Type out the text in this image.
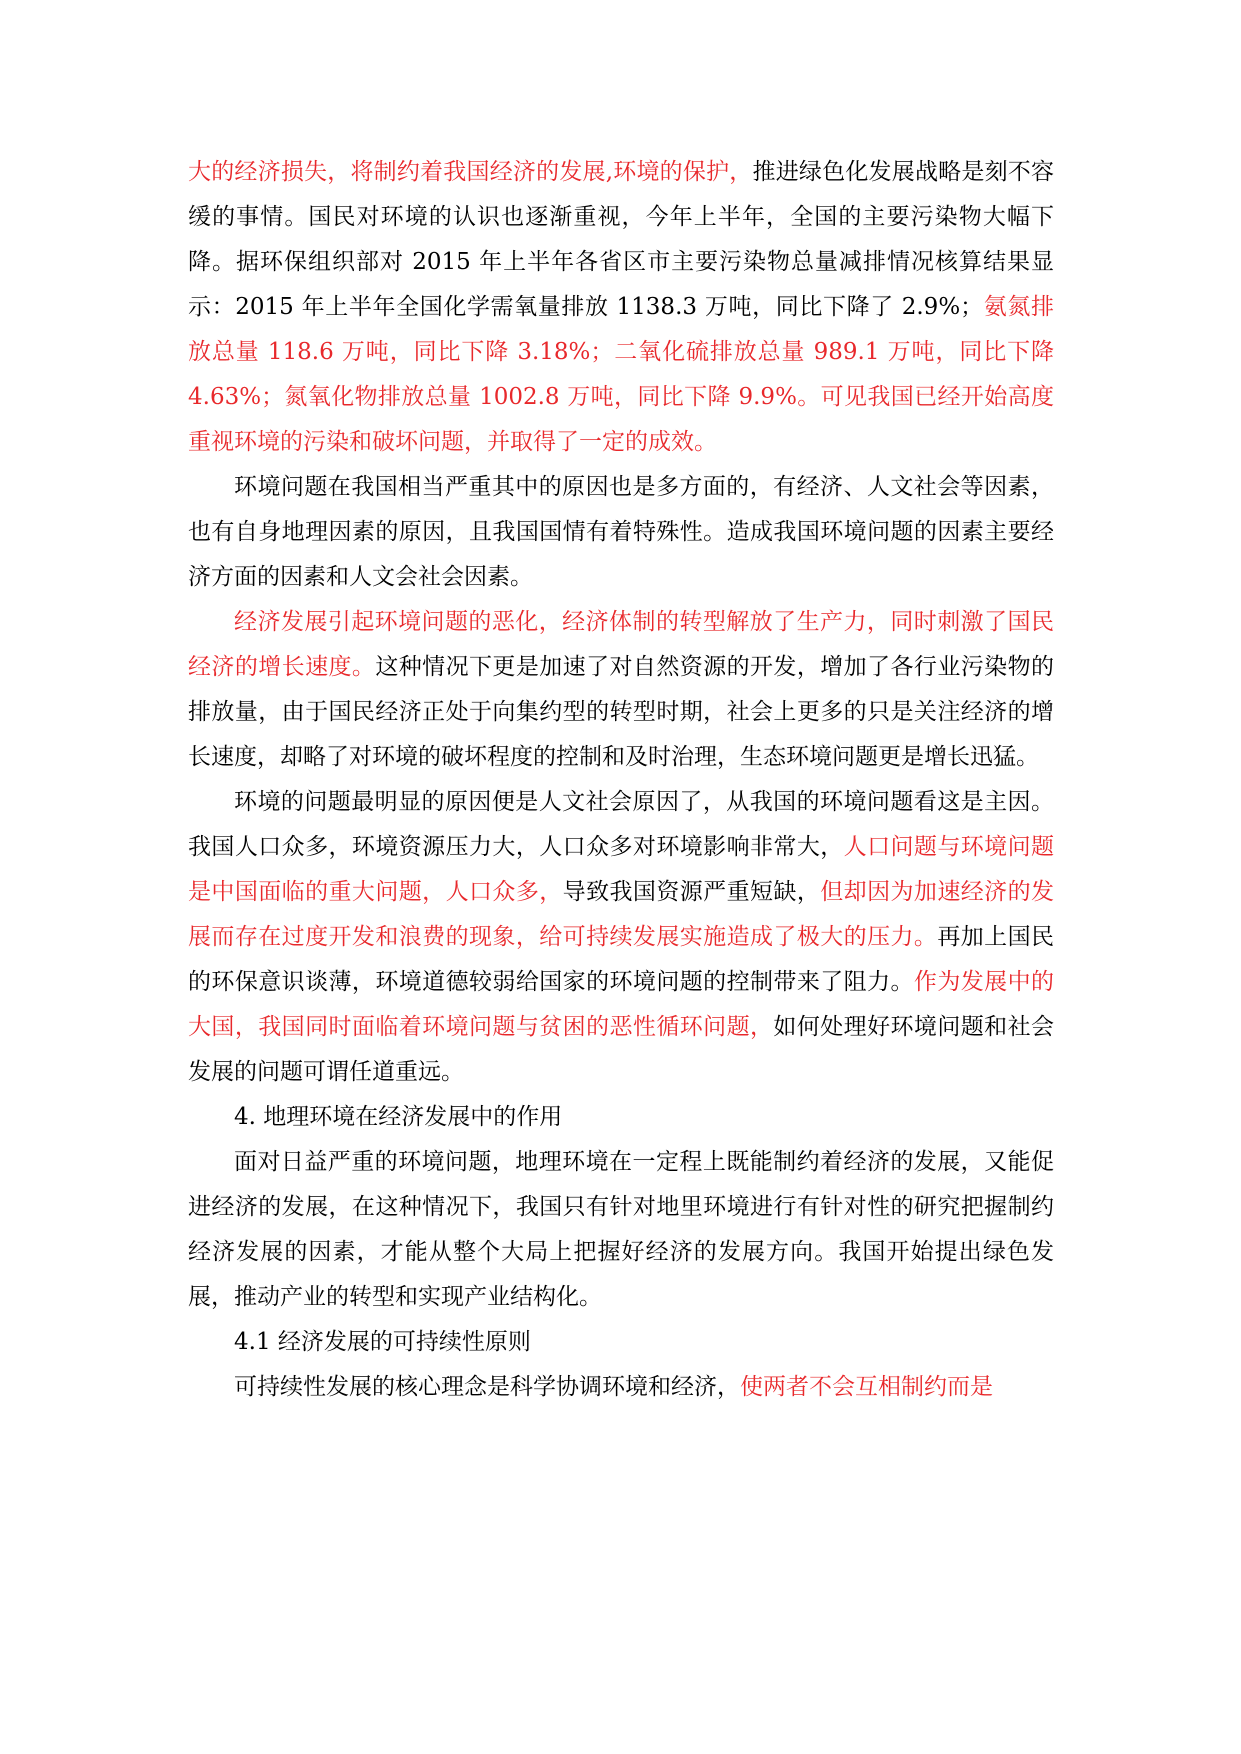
大的经济损失，将制约着我国经济的发展,环境的保护，推进绿色化发展战略是刻不容缓的事情。国民对环境的认识也逐渐重视，今年上半年，全国的主要污染物大幅下降。据环保组织部对 2015 年上半年各省区市主要污染物总量减排情况核算结果显示：2015 年上半年全国化学需氧量排放 1138.3 万吨，同比下降了 2.9%；氨氮排放总量 118.6 万吨，同比下降 3.18%；二氧化硫排放总量 989.1 万吨，同比下降 4.63%；氮氧化物排放总量 1002.8 万吨，同比下降 9.9%。可见我国已经开始高度重视环境的污染和破坏问题，并取得了一定的成效。

环境问题在我国相当严重其中的原因也是多方面的，有经济、人文社会等因素，也有自身地理因素的原因，且我国国情有着特殊性。造成我国环境问题的因素主要经济方面的因素和人文会社会因素。

经济发展引起环境问题的恶化，经济体制的转型解放了生产力，同时刺激了国民经济的增长速度。这种情况下更是加速了对自然资源的开发，增加了各行业污染物的排放量，由于国民经济正处于向集约型的转型时期，社会上更多的只是关注经济的增长速度，却略了对环境的破坏程度的控制和及时治理，生态环境问题更是增长迅猛。

环境的问题最明显的原因便是人文社会原因了，从我国的环境问题看这是主因。我国人口众多，环境资源压力大，人口众多对环境影响非常大，人口问题与环境问题是中国面临的重大问题，人口众多，导致我国资源严重短缺，但却因为加速经济的发展而存在过度开发和浪费的现象，给可持续发展实施造成了极大的压力。再加上国民的环保意识谈薄，环境道德较弱给国家的环境问题的控制带来了阻力。作为发展中的大国，我国同时面临着环境问题与贫困的恶性循环问题，如何处理好环境问题和社会发展的问题可谓任道重远。

4. 地理环境在经济发展中的作用

面对日益严重的环境问题，地理环境在一定程上既能制约着经济的发展，又能促进经济的发展，在这种情况下，我国只有针对地里环境进行有针对性的研究把握制约经济发展的因素，才能从整个大局上把握好经济的发展方向。我国开始提出绿色发展，推动产业的转型和实现产业结构化。

4.1 经济发展的可持续性原则

可持续性发展的核心理念是科学协调环境和经济，使两者不会互相制约而是
